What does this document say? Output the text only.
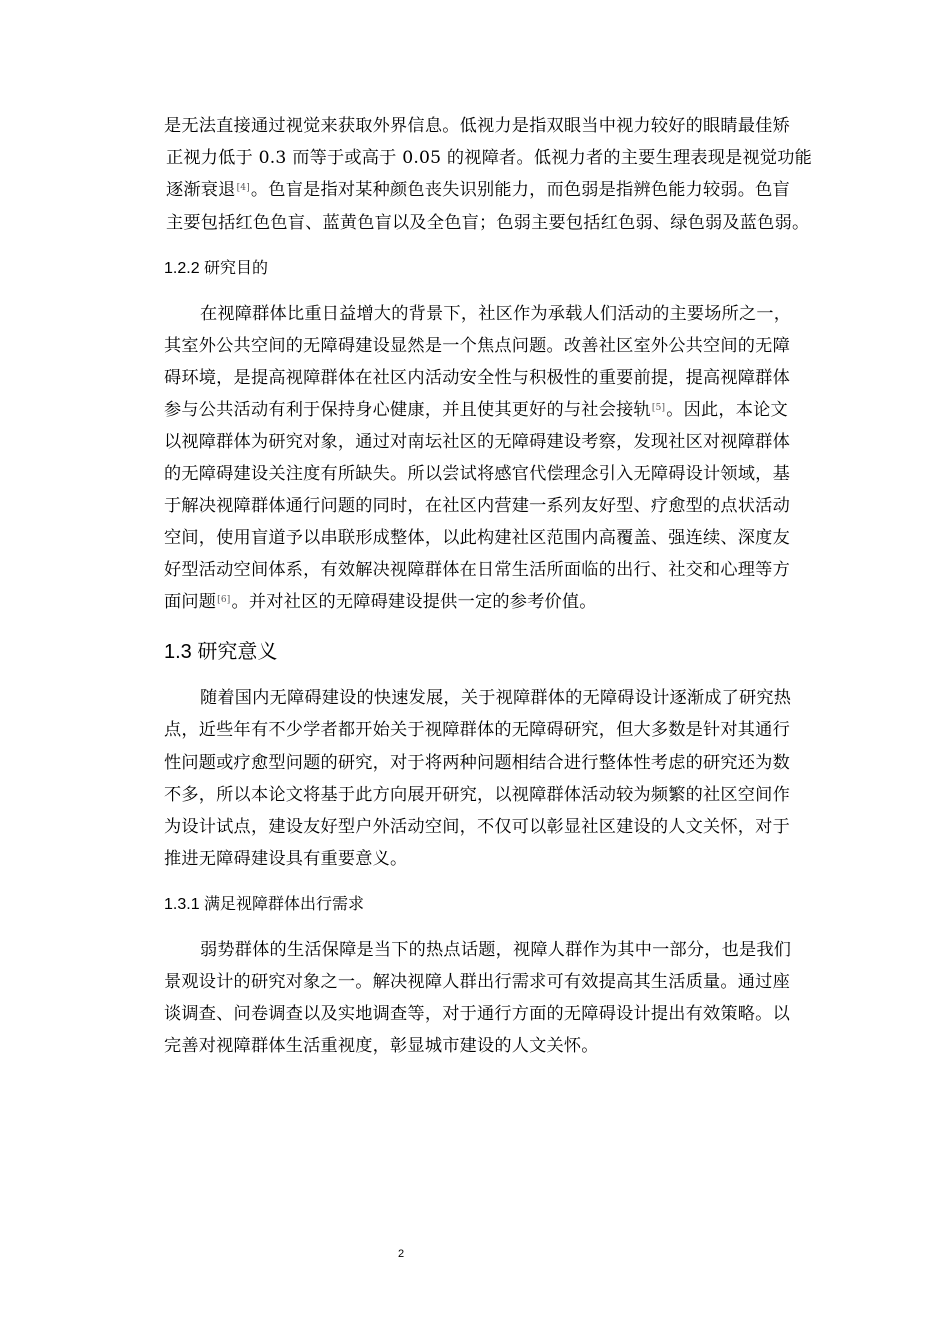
是无法直接通过视觉来获取外界信息。低视力是指双眼当中视力较好的眼睛最佳矫
正视力低于 0.3 而等于或高于 0.05 的视障者。低视力者的主要生理表现是视觉功能
逐渐衰退[4]。色盲是指对某种颜色丧失识别能力，而色弱是指辨色能力较弱。色盲
主要包括红色色盲、蓝黄色盲以及全色盲；色弱主要包括红色弱、绿色弱及蓝色弱。
1.2.2 研究目的
在视障群体比重日益增大的背景下，社区作为承载人们活动的主要场所之一，
其室外公共空间的无障碍建设显然是一个焦点问题。改善社区室外公共空间的无障
碍环境，是提高视障群体在社区内活动安全性与积极性的重要前提，提高视障群体
参与公共活动有利于保持身心健康，并且使其更好的与社会接轨[5]。因此，本论文
以视障群体为研究对象，通过对南坛社区的无障碍建设考察，发现社区对视障群体
的无障碍建设关注度有所缺失。所以尝试将感官代偿理念引入无障碍设计领域，基
于解决视障群体通行问题的同时，在社区内营建一系列友好型、疗愈型的点状活动
空间，使用盲道予以串联形成整体，以此构建社区范围内高覆盖、强连续、深度友
好型活动空间体系，有效解决视障群体在日常生活所面临的出行、社交和心理等方
面问题[6]。并对社区的无障碍建设提供一定的参考价值。
1.3 研究意义
随着国内无障碍建设的快速发展，关于视障群体的无障碍设计逐渐成了研究热
点，近些年有不少学者都开始关于视障群体的无障碍研究，但大多数是针对其通行
性问题或疗愈型问题的研究，对于将两种问题相结合进行整体性考虑的研究还为数
不多，所以本论文将基于此方向展开研究，以视障群体活动较为频繁的社区空间作
为设计试点，建设友好型户外活动空间，不仅可以彰显社区建设的人文关怀，对于
推进无障碍建设具有重要意义。
1.3.1 满足视障群体出行需求
弱势群体的生活保障是当下的热点话题，视障人群作为其中一部分，也是我们
景观设计的研究对象之一。解决视障人群出行需求可有效提高其生活质量。通过座
谈调查、问卷调查以及实地调查等，对于通行方面的无障碍设计提出有效策略。以
完善对视障群体生活重视度，彰显城市建设的人文关怀。
2
